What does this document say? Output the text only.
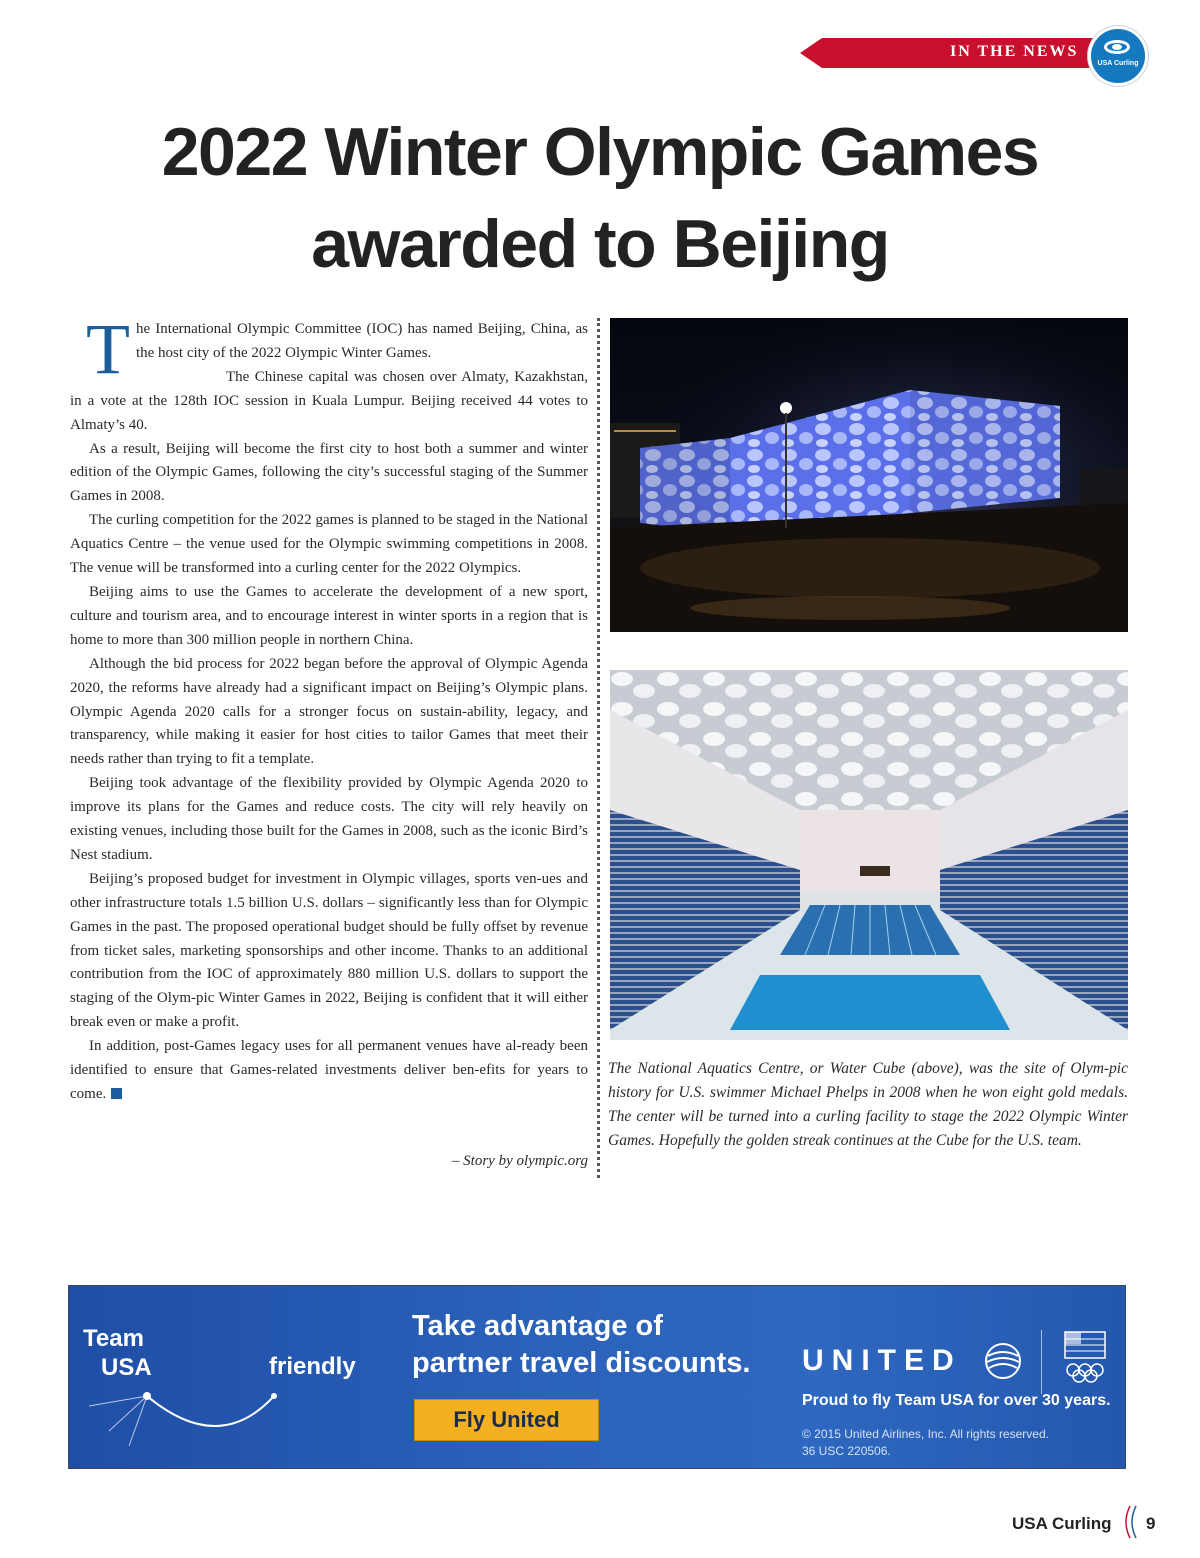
IN THE NEWS
USA Curling
2022 Winter Olympic Games
awarded to Beijing

The International Olympic Committee (IOC) has named Beijing, China, as the host city of the 2022 Olympic Winter Games.

The Chinese capital was chosen over Almaty, Kazakhstan, in a vote at the 128th IOC session in Kuala Lumpur. Beijing received 44 votes to Almaty’s 40.

As a result, Beijing will become the first city to host both a summer and winter edition of the Olympic Games, following the city’s successful staging of the Summer Games in 2008.

The curling competition for the 2022 games is planned to be staged in the National Aquatics Centre – the venue used for the Olympic swimming competitions in 2008. The venue will be transformed into a curling center for the 2022 Olympics.

Beijing aims to use the Games to accelerate the development of a new sport, culture and tourism area, and to encourage interest in winter sports in a region that is home to more than 300 million people in northern China.

Although the bid process for 2022 began before the approval of Olympic Agenda 2020, the reforms have already had a significant impact on Beijing’s Olympic plans. Olympic Agenda 2020 calls for a stronger focus on sustain-ability, legacy, and transparency, while making it easier for host cities to tailor Games that meet their needs rather than trying to fit a template.

Beijing took advantage of the flexibility provided by Olympic Agenda 2020 to improve its plans for the Games and reduce costs. The city will rely heavily on existing venues, including those built for the Games in 2008, such as the iconic Bird’s Nest stadium.

Beijing’s proposed budget for investment in Olympic villages, sports ven-ues and other infrastructure totals 1.5 billion U.S. dollars – significantly less than for Olympic Games in the past. The proposed operational budget should be fully offset by revenue from ticket sales, marketing sponsorships and other income. Thanks to an additional contribution from the IOC of approximately 880 million U.S. dollars to support the staging of the Olym-pic Winter Games in 2022, Beijing is confident that it will either break even or make a profit.

In addition, post-Games legacy uses for all permanent venues have al-ready been identified to ensure that Games-related investments deliver ben-efits for years to come.

– Story by olympic.org
The National Aquatics Centre, or Water Cube (above), was the site of Olym-pic history for U.S. swimmer Michael Phelps in 2008 when he won eight gold medals. The center will be turned into a curling facility to stage the 2022 Olympic Winter Games. Hopefully the golden streak continues at the Cube for the U.S. team.
Team
USA	friendly
Take advantage of
partner travel discounts.
Fly United
UNITED
Proud to fly Team USA for over 30 years.
© 2015 United Airlines, Inc. All rights reserved.
36 USC 220506.
USA Curling 9
